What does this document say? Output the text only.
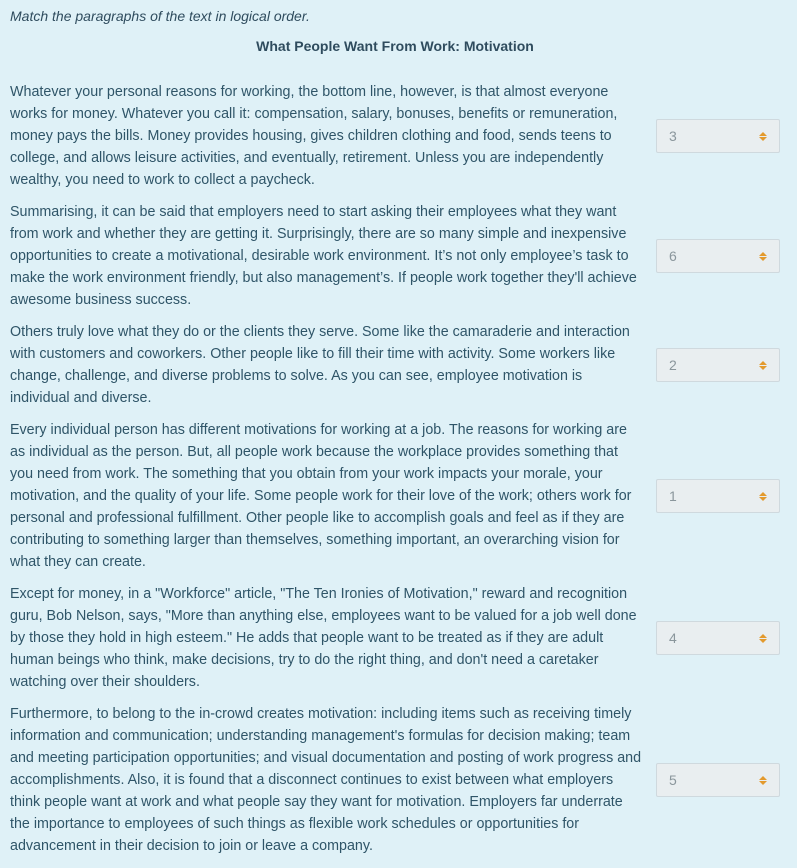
Match the paragraphs of the text in logical order.
What People Want From Work: Motivation

Whatever your personal reasons for working, the bottom line, however, is that almost everyone works for money. Whatever you call it: compensation, salary, bonuses, benefits or remuneration, money pays the bills. Money provides housing, gives children clothing and food, sends teens to college, and allows leisure activities, and eventually, retirement. Unless you are independently wealthy, you need to work to collect a paycheck.

3

Summarising, it can be said that employers need to start asking their employees what they want from work and whether they are getting it. Surprisingly, there are so many simple and inexpensive opportunities to create a motivational, desirable work environment. It’s not only employee’s task to make the work environment friendly, but also management’s. If people work together they'll achieve awesome business success.

6

Others truly love what they do or the clients they serve. Some like the camaraderie and interaction with customers and coworkers. Other people like to fill their time with activity. Some workers like change, challenge, and diverse problems to solve. As you can see, employee motivation is individual and diverse.

2

Every individual person has different motivations for working at a job. The reasons for working are as individual as the person. But, all people work because the workplace provides something that you need from work. The something that you obtain from your work impacts your morale, your motivation, and the quality of your life. Some people work for their love of the work; others work for personal and professional fulfillment. Other people like to accomplish goals and feel as if they are contributing to something larger than themselves, something important, an overarching vision for what they can create.

1

Except for money, in a "Workforce" article, "The Ten Ironies of Motivation," reward and recognition guru, Bob Nelson, says, "More than anything else, employees want to be valued for a job well done by those they hold in high esteem." He adds that people want to be treated as if they are adult human beings who think, make decisions, try to do the right thing, and don't need a caretaker watching over their shoulders.

4

Furthermore, to belong to the in-crowd creates motivation: including items such as receiving timely information and communication; understanding management's formulas for decision making; team and meeting participation opportunities; and visual documentation and posting of work progress and accomplishments. Also, it is found that a disconnect continues to exist between what employers think people want at work and what people say they want for motivation. Employers far underrate the importance to employees of such things as flexible work schedules or opportunities for advancement in their decision to join or leave a company.

5
